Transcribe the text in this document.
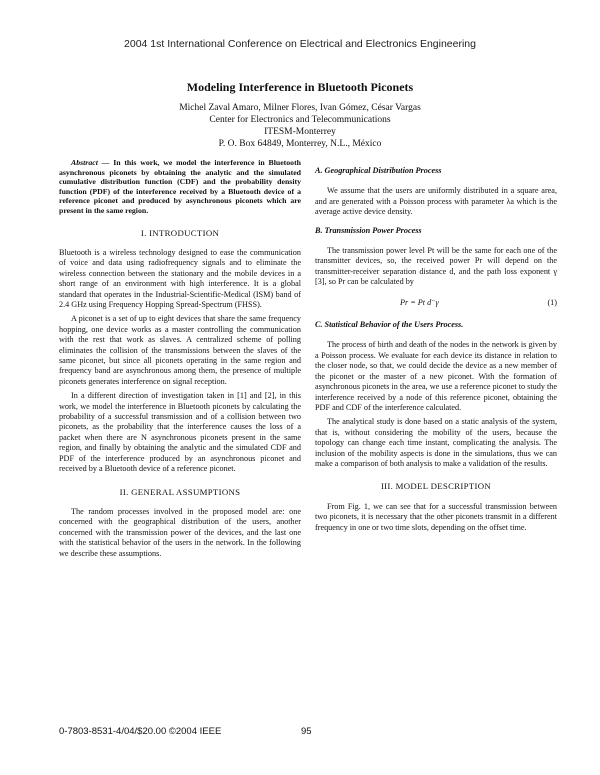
2004 1st International Conference on Electrical and Electronics Engineering
Modeling Interference in Bluetooth Piconets
Michel Zaval Amaro, Milner Flores, Ivan Gómez, César Vargas
Center for Electronics and Telecommunications
ITESM-Monterrey
P. O. Box 64849, Monterrey, N.L., México

Abstract — In this work, we model the interference in Bluetooth asynchronous piconets by obtaining the analytic and the simulated cumulative distribution function (CDF) and the probability density function (PDF) of the interference received by a Bluetooth device of a reference piconet and produced by asynchronous piconets which are present in the same region.

I. INTRODUCTION

Bluetooth is a wireless technology designed to ease the communication of voice and data using radiofrequency signals and to eliminate the wireless connection between the stationary and the mobile devices in a short range of an environment with high interference. It is a global standard that operates in the Industrial-Scientific-Medical (ISM) band of 2.4 GHz using Frequency Hopping Spread-Spectrum (FHSS).

A piconet is a set of up to eight devices that share the same frequency hopping, one device works as a master controlling the communication with the rest that work as slaves. A centralized scheme of polling eliminates the collision of the transmissions between the slaves of the same piconet, but since all piconets operating in the same region and frequency band are asynchronous among them, the presence of multiple piconets generates interference on signal reception.

In a different direction of investigation taken in [1] and [2], in this work, we model the interference in Bluetooth piconets by calculating the probability of a successful transmission and of a collision between two piconets, as the probability that the interference causes the loss of a packet when there are N asynchronous piconets present in the same region, and finally by obtaining the analytic and the simulated CDF and PDF of the interference produced by an asynchronous piconet and received by a Bluetooth device of a reference piconet.

II. GENERAL ASSUMPTIONS

The random processes involved in the proposed model are: one concerned with the geographical distribution of the users, another concerned with the transmission power of the devices, and the last one with the statistical behavior of the users in the network. In the following we describe these assumptions.

A. Geographical Distribution Process

We assume that the users are uniformly distributed in a square area, and are generated with a Poisson process with parameter λa which is the average active device density.

B. Transmission Power Process

The transmission power level Pt will be the same for each one of the transmitter devices, so, the received power Pr will depend on the transmitter-receiver separation distance d, and the path loss exponent γ [3], so Pr can be calculated by

Pr = Pt d⁻γ	(1)
C. Statistical Behavior of the Users Process.

The process of birth and death of the nodes in the network is given by a Poisson process. We evaluate for each device its distance in relation to the closer node, so that, we could decide the device as a new member of the piconet or the master of a new piconet. With the formation of asynchronous piconets in the area, we use a reference piconet to study the interference received by a node of this reference piconet, obtaining the PDF and CDF of the interference calculated.

The analytical study is done based on a static analysis of the system, that is, without considering the mobility of the users, because the topology can change each time instant, complicating the analysis. The inclusion of the mobility aspects is done in the simulations, thus we can make a comparison of both analysis to make a validation of the results.

III. MODEL DESCRIPTION

From Fig. 1, we can see that for a successful transmission between two piconets, it is necessary that the other piconets transmit in a different frequency in one or two time slots, depending on the offset time.

0-7803-8531-4/04/$20.00 ©2004 IEEE	95
